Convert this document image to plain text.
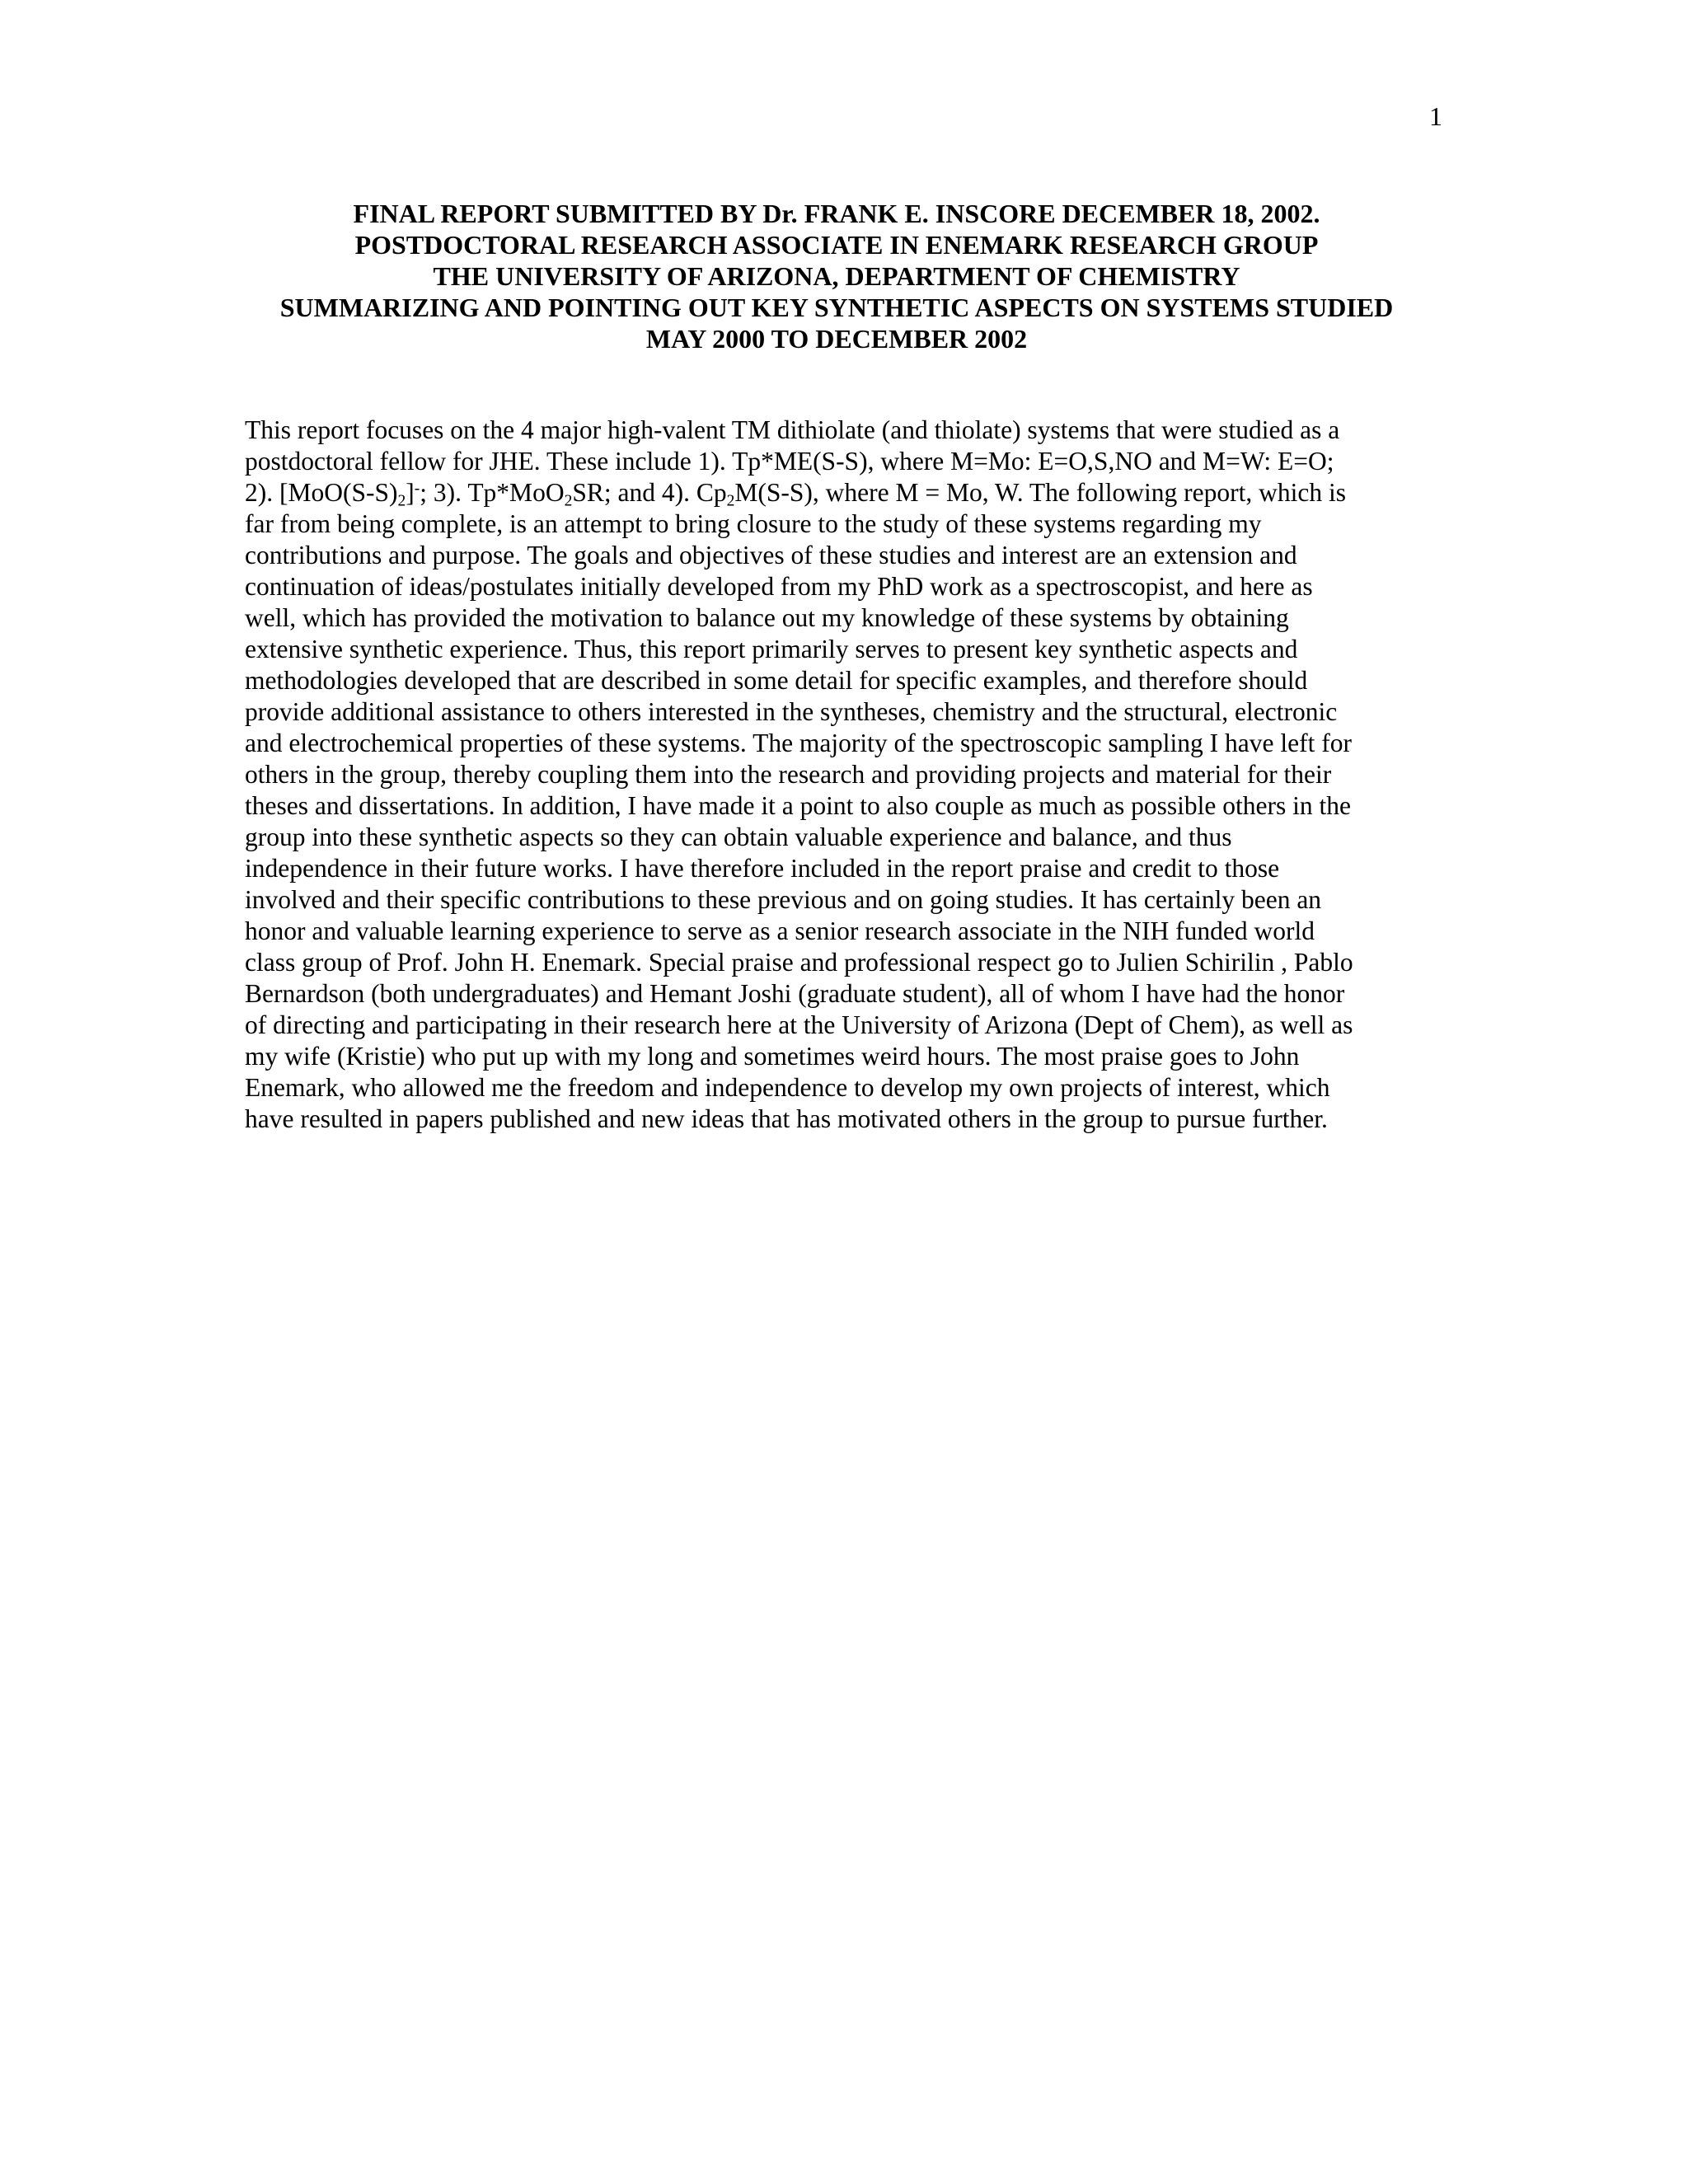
1
FINAL REPORT SUBMITTED BY Dr. FRANK E. INSCORE DECEMBER 18, 2002.
POSTDOCTORAL RESEARCH ASSOCIATE IN ENEMARK RESEARCH GROUP
THE UNIVERSITY OF ARIZONA, DEPARTMENT OF CHEMISTRY
SUMMARIZING AND POINTING OUT KEY SYNTHETIC ASPECTS ON SYSTEMS STUDIED
MAY 2000 TO DECEMBER 2002
This report focuses on the 4 major high-valent TM dithiolate (and thiolate) systems that were studied as a
postdoctoral fellow for JHE. These include 1). Tp*ME(S-S), where M=Mo: E=O,S,NO and M=W: E=O;
2). $[MoO(S-S)_2]^-$; 3). Tp*MoO$_2$SR; and 4). $Cp_2M(S-S)$, where M = Mo, W. The following report, which is
far from being complete, is an attempt to bring closure to the study of these systems regarding my
contributions and purpose. The goals and objectives of these studies and interest are an extension and
continuation of ideas/postulates initially developed from my PhD work as a spectroscopist, and here as
well, which has provided the motivation to balance out my knowledge of these systems by obtaining
extensive synthetic experience. Thus, this report primarily serves to present key synthetic aspects and
methodologies developed that are described in some detail for specific examples, and therefore should
provide additional assistance to others interested in the syntheses, chemistry and the structural, electronic
and electrochemical properties of these systems. The majority of the spectroscopic sampling I have left for
others in the group, thereby coupling them into the research and providing projects and material for their
theses and dissertations. In addition, I have made it a point to also couple as much as possible others in the
group into these synthetic aspects so they can obtain valuable experience and balance, and thus
independence in their future works. I have therefore included in the report praise and credit to those
involved and their specific contributions to these previous and on going studies. It has certainly been an
honor and valuable learning experience to serve as a senior research associate in the NIH funded world
class group of Prof. John H. Enemark. Special praise and professional respect go to Julien Schirilin , Pablo
Bernardson (both undergraduates) and Hemant Joshi (graduate student), all of whom I have had the honor
of directing and participating in their research here at the University of Arizona (Dept of Chem), as well as
my wife (Kristie) who put up with my long and sometimes weird hours. The most praise goes to John
Enemark, who allowed me the freedom and independence to develop my own projects of interest, which
have resulted in papers published and new ideas that has motivated others in the group to pursue further.
